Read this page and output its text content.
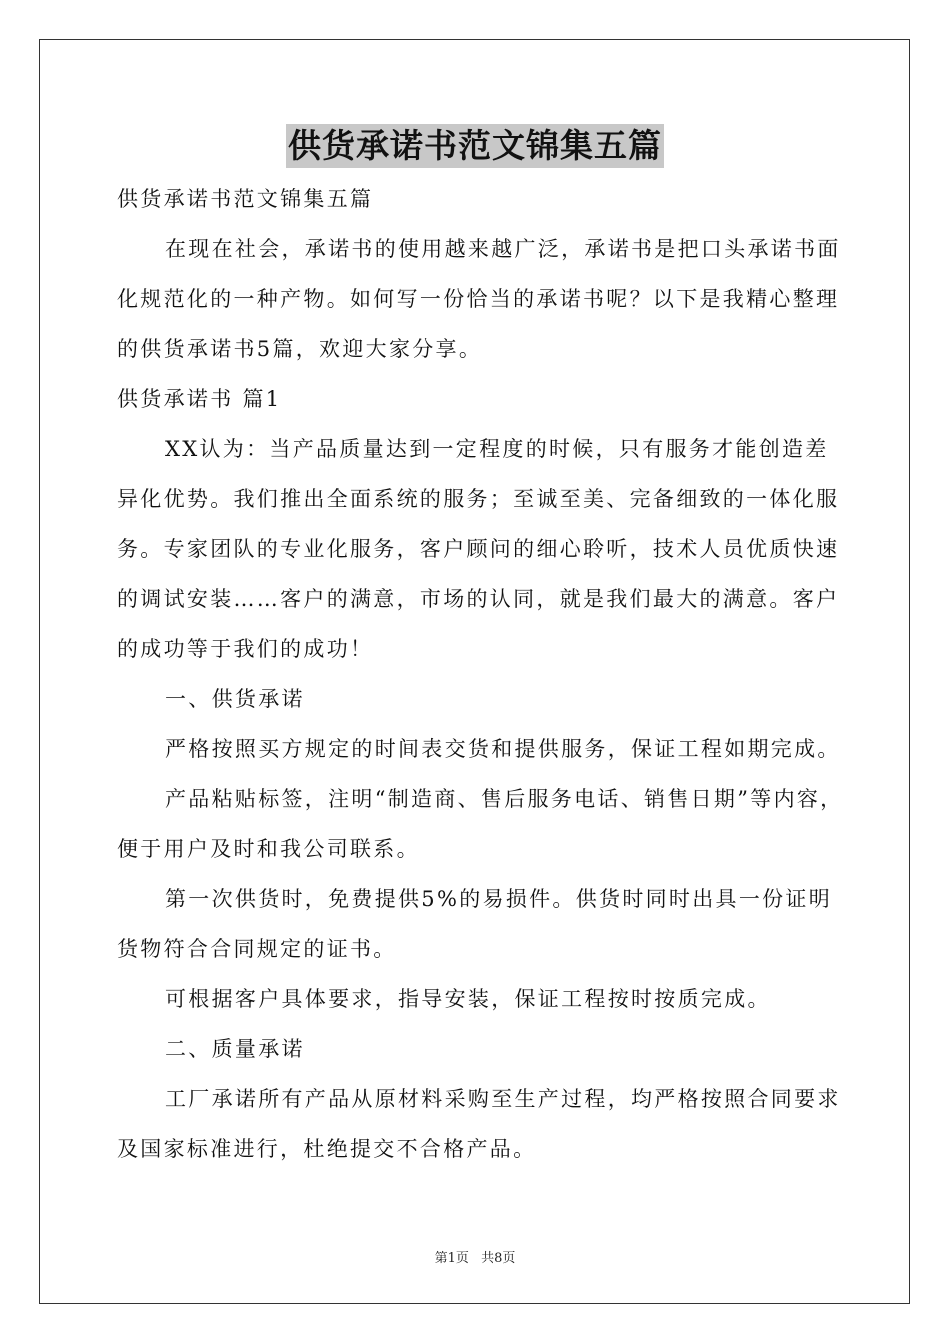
供货承诺书范文锦集五篇

供货承诺书范文锦集五篇

在现在社会，承诺书的使用越来越广泛，承诺书是把口头承诺书面化规范化的一种产物。如何写一份恰当的承诺书呢？以下是我精心整理的供货承诺书5篇，欢迎大家分享。

供货承诺书 篇1

XX认为：当产品质量达到一定程度的时候，只有服务才能创造差异化优势。我们推出全面系统的服务；至诚至美、完备细致的一体化服务。专家团队的专业化服务，客户顾问的细心聆听，技术人员优质快速的调试安装……客户的满意，市场的认同，就是我们最大的满意。客户的成功等于我们的成功！

一、供货承诺

严格按照买方规定的时间表交货和提供服务，保证工程如期完成。

产品粘贴标签，注明“制造商、售后服务电话、销售日期”等内容，便于用户及时和我公司联系。

第一次供货时，免费提供5%的易损件。供货时同时出具一份证明货物符合合同规定的证书。

可根据客户具体要求，指导安装，保证工程按时按质完成。

二、质量承诺

工厂承诺所有产品从原材料采购至生产过程，均严格按照合同要求及国家标准进行，杜绝提交不合格产品。

第1页 共8页
